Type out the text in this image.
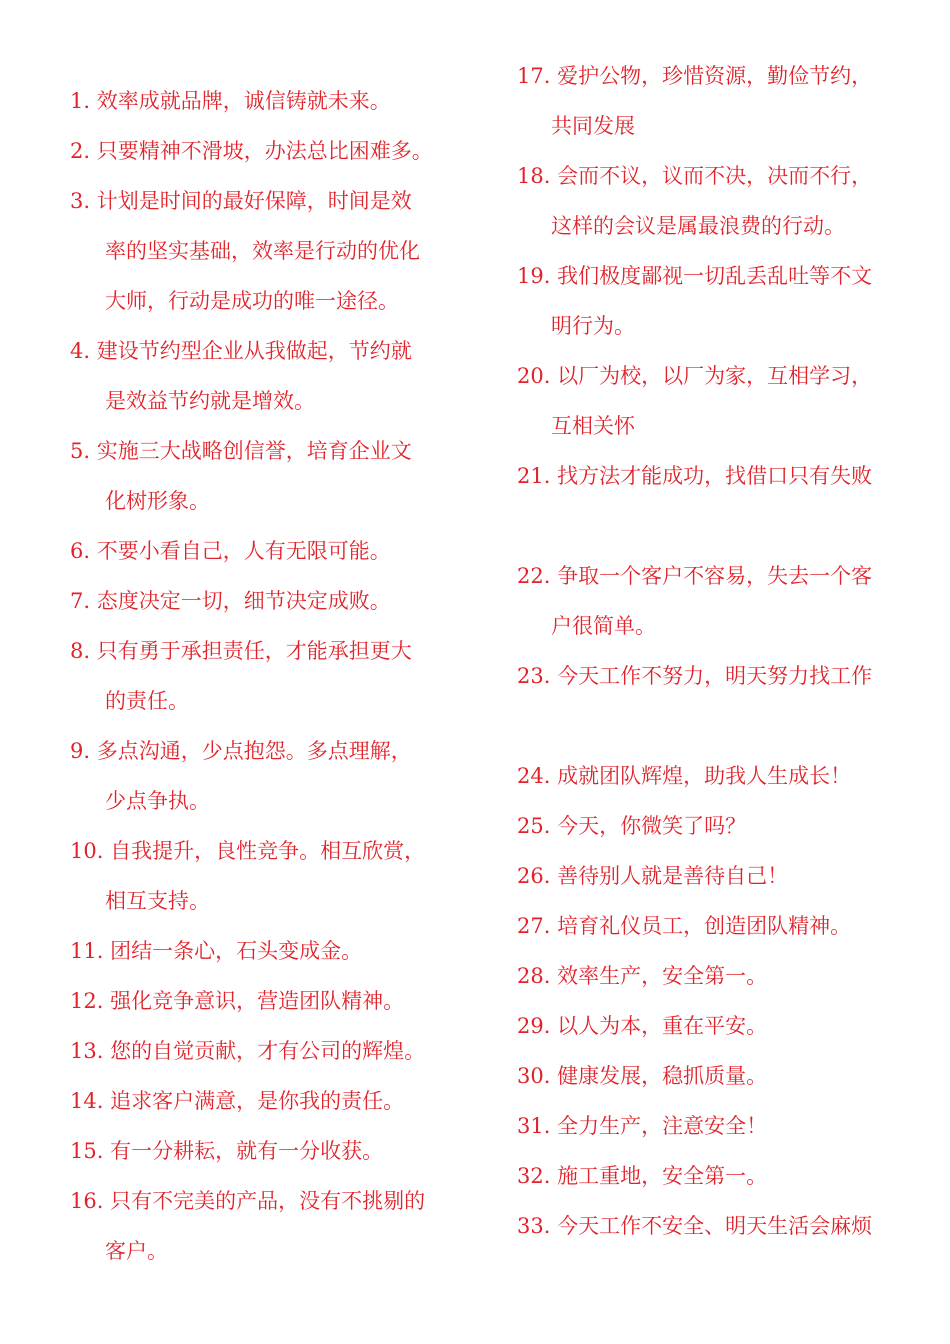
1. 效率成就品牌，诚信铸就未来。
2. 只要精神不滑坡，办法总比困难多。
3. 计划是时间的最好保障，时间是效
率的坚实基础，效率是行动的优化
大师，行动是成功的唯一途径。
4. 建设节约型企业从我做起，节约就
是效益节约就是增效。
5. 实施三大战略创信誉，培育企业文
化树形象。
6. 不要小看自己，人有无限可能。
7. 态度决定一切，细节决定成败。
8. 只有勇于承担责任，才能承担更大
的责任。
9. 多点沟通，少点抱怨。多点理解，
少点争执。
10. 自我提升，良性竞争。相互欣赏，
相互支持。
11. 团结一条心，石头变成金。
12. 强化竞争意识，营造团队精神。
13. 您的自觉贡献，才有公司的辉煌。
14. 追求客户满意，是你我的责任。
15. 有一分耕耘，就有一分收获。
16. 只有不完美的产品，没有不挑剔的
客户。
17. 爱护公物，珍惜资源，勤俭节约，
共同发展
18. 会而不议，议而不决，决而不行，
这样的会议是属最浪费的行动。
19. 我们极度鄙视一切乱丢乱吐等不文
明行为。
20. 以厂为校，以厂为家，互相学习，
互相关怀
21. 找方法才能成功，找借口只有失败
22. 争取一个客户不容易，失去一个客
户很简单。
23. 今天工作不努力，明天努力找工作
24. 成就团队辉煌，助我人生成长！
25. 今天，你微笑了吗？
26. 善待别人就是善待自己！
27. 培育礼仪员工，创造团队精神。
28. 效率生产，安全第一。
29. 以人为本，重在平安。
30. 健康发展，稳抓质量。
31. 全力生产，注意安全！
32. 施工重地，安全第一。
33. 今天工作不安全、明天生活会麻烦
